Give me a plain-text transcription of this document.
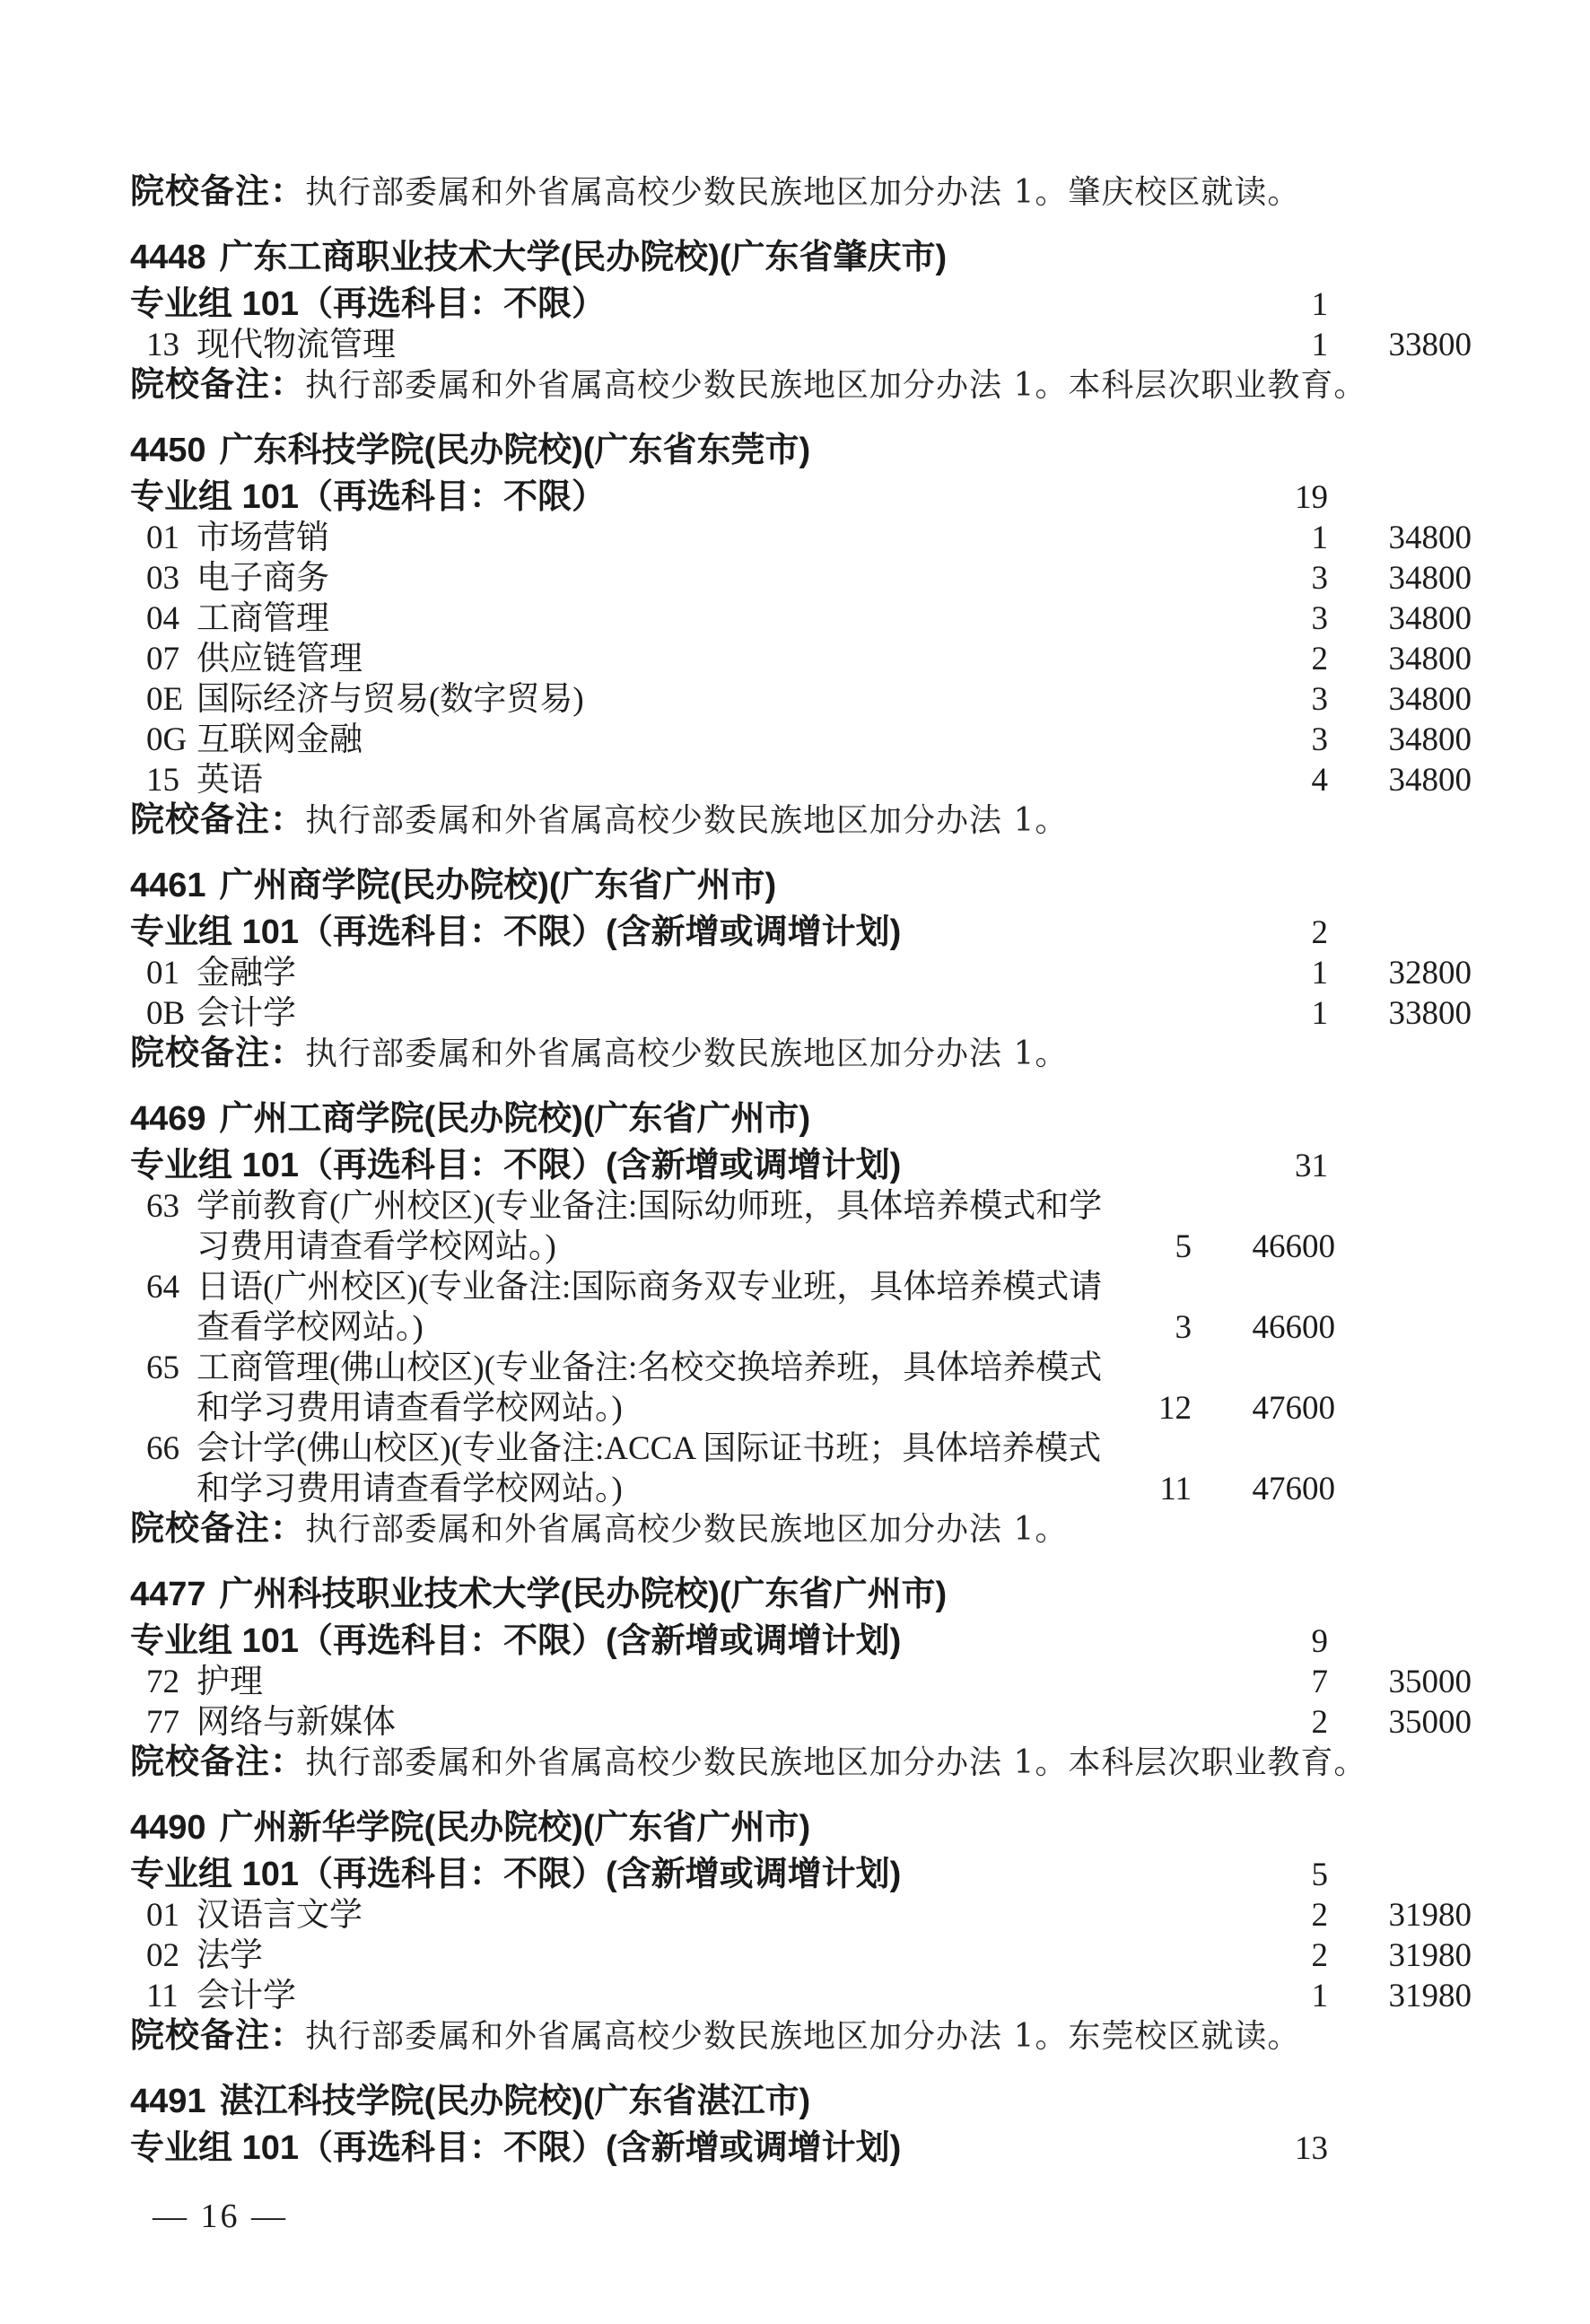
院校备注：执行部委属和外省属高校少数民族地区加分办法 1。肇庆校区就读。
4448 广东工商职业技术大学(民办院校)(广东省肇庆市)
专业组 101（再选科目：不限）	1
13 现代物流管理	1	33800
院校备注：执行部委属和外省属高校少数民族地区加分办法 1。本科层次职业教育。
4450 广东科技学院(民办院校)(广东省东莞市)
专业组 101（再选科目：不限）	19
01 市场营销	1	34800
03 电子商务	3	34800
04 工商管理	3	34800
07 供应链管理	2	34800
0E 国际经济与贸易(数字贸易)	3	34800
0G 互联网金融	3	34800
15 英语	4	34800
院校备注：执行部委属和外省属高校少数民族地区加分办法 1。
4461 广州商学院(民办院校)(广东省广州市)
专业组 101（再选科目：不限）(含新增或调增计划)	2
01 金融学	1	32800
0B 会计学	1	33800
院校备注：执行部委属和外省属高校少数民族地区加分办法 1。
4469 广州工商学院(民办院校)(广东省广州市)
专业组 101（再选科目：不限）(含新增或调增计划)	31
63 学前教育(广州校区)(专业备注:国际幼师班，具体培养模式和学习费用请查看学校网站。)	5	46600
64 日语(广州校区)(专业备注:国际商务双专业班，具体培养模式请查看学校网站。)	3	46600
65 工商管理(佛山校区)(专业备注:名校交换培养班，具体培养模式和学习费用请查看学校网站。)	12	47600
66 会计学(佛山校区)(专业备注:ACCA 国际证书班；具体培养模式和学习费用请查看学校网站。)	11	47600
院校备注：执行部委属和外省属高校少数民族地区加分办法 1。
4477 广州科技职业技术大学(民办院校)(广东省广州市)
专业组 101（再选科目：不限）(含新增或调增计划)	9
72 护理	7	35000
77 网络与新媒体	2	35000
院校备注：执行部委属和外省属高校少数民族地区加分办法 1。本科层次职业教育。
4490 广州新华学院(民办院校)(广东省广州市)
专业组 101（再选科目：不限）(含新增或调增计划)	5
01 汉语言文学	2	31980
02 法学	2	31980
11 会计学	1	31980
院校备注：执行部委属和外省属高校少数民族地区加分办法 1。东莞校区就读。
4491 湛江科技学院(民办院校)(广东省湛江市)
专业组 101（再选科目：不限）(含新增或调增计划)	13
— 16 —
